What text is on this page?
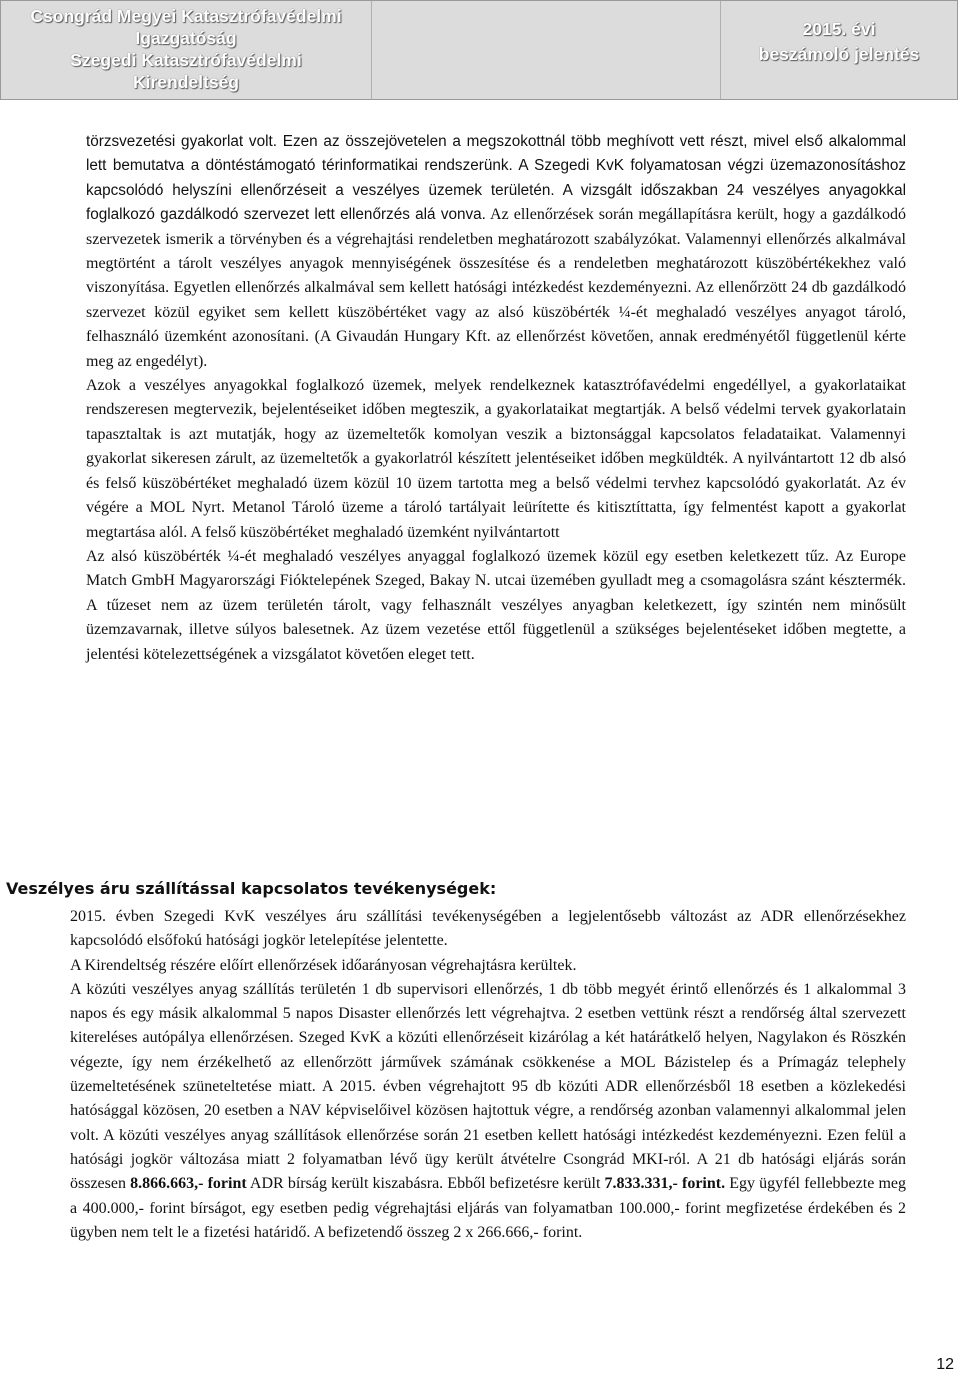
Csongrád Megyei Katasztrófavédelmi
Igazgatóság
Szegedi Katasztrófavédelmi
Kirendeltség
2015. évi
beszámoló jelentés

törzsvezetési gyakorlat volt. Ezen az összejövetelen a megszokottnál több meghívott vett részt, mivel első alkalommal lett bemutatva a döntéstámogató térinformatikai rendszerünk. A Szegedi KvK folyamatosan végzi üzemazonosításhoz kapcsolódó helyszíni ellenőrzéseit a veszélyes üzemek területén. A vizsgált időszakban 24 veszélyes anyagokkal foglalkozó gazdálkodó szervezet lett ellenőrzés alá vonva. Az ellenőrzések során megállapításra került, hogy a gazdálkodó szervezetek ismerik a törvényben és a végrehajtási rendeletben meghatározott szabályzókat. Valamennyi ellenőrzés alkalmával megtörtént a tárolt veszélyes anyagok mennyiségének összesítése és a rendeletben meghatározott küszöbértékekhez való viszonyítása. Egyetlen ellenőrzés alkalmával sem kellett hatósági intézkedést kezdeményezni. Az ellenőrzött 24 db gazdálkodó szervezet közül egyiket sem kellett küszöbértéket vagy az alsó küszöbérték ¼-ét meghaladó veszélyes anyagot tároló, felhasználó üzemként azonosítani. (A Givaudán Hungary Kft. az ellenőrzést követően, annak eredményétől függetlenül kérte meg az engedélyt).

Azok a veszélyes anyagokkal foglalkozó üzemek, melyek rendelkeznek katasztrófavédelmi engedéllyel, a gyakorlataikat rendszeresen megtervezik, bejelentéseiket időben megteszik, a gyakorlataikat megtartják. A belső védelmi tervek gyakorlatain tapasztaltak is azt mutatják, hogy az üzemeltetők komolyan veszik a biztonsággal kapcsolatos feladataikat. Valamennyi gyakorlat sikeresen zárult, az üzemeltetők a gyakorlatról készített jelentéseiket időben megküldték. A nyilvántartott 12 db alsó és felső küszöbértéket meghaladó üzem közül 10 üzem tartotta meg a belső védelmi tervhez kapcsolódó gyakorlatát. Az év végére a MOL Nyrt. Metanol Tároló üzeme a tároló tartályait leürítette és kitisztíttatta, így felmentést kapott a gyakorlat megtartása alól. A felső küszöbértéket meghaladó üzemként nyilvántartott

Az alsó küszöbérték ¼-ét meghaladó veszélyes anyaggal foglalkozó üzemek közül egy esetben keletkezett tűz. Az Europe Match GmbH Magyarországi Fióktelepének Szeged, Bakay N. utcai üzemében gyulladt meg a csomagolásra szánt késztermék. A tűzeset nem az üzem területén tárolt, vagy felhasznált veszélyes anyagban keletkezett, így szintén nem minősült üzemzavarnak, illetve súlyos balesetnek. Az üzem vezetése ettől függetlenül a szükséges bejelentéseket időben megtette, a jelentési kötelezettségének a vizsgálatot követően eleget tett.

Veszélyes áru szállítással kapcsolatos tevékenységek:

2015. évben Szegedi KvK veszélyes áru szállítási tevékenységében a legjelentősebb változást az ADR ellenőrzésekhez kapcsolódó elsőfokú hatósági jogkör letelepítése jelentette.

A Kirendeltség részére előírt ellenőrzések időarányosan végrehajtásra kerültek.

A közúti veszélyes anyag szállítás területén 1 db supervisori ellenőrzés, 1 db több megyét érintő ellenőrzés és 1 alkalommal 3 napos és egy másik alkalommal 5 napos Disaster ellenőrzés lett végrehajtva. 2 esetben vettünk részt a rendőrség által szervezett kitereléses autópálya ellenőrzésen. Szeged KvK a közúti ellenőrzéseit kizárólag a két határátkelő helyen, Nagylakon és Röszkén végezte, így nem érzékelhető az ellenőrzött járművek számának csökkenése a MOL Bázistelep és a Prímagáz telephely üzemeltetésének szüneteltetése miatt. A 2015. évben végrehajtott 95 db közúti ADR ellenőrzésből 18 esetben a közlekedési hatósággal közösen, 20 esetben a NAV képviselőivel közösen hajtottuk végre, a rendőrség azonban valamennyi alkalommal jelen volt. A közúti veszélyes anyag szállítások ellenőrzése során 21 esetben kellett hatósági intézkedést kezdeményezni. Ezen felül a hatósági jogkör változása miatt 2 folyamatban lévő ügy került átvételre Csongrád MKI-ról. A 21 db hatósági eljárás során összesen 8.866.663,- forint ADR bírság került kiszabásra. Ebből befizetésre került 7.833.331,- forint. Egy ügyfél fellebbezte meg a 400.000,- forint bírságot, egy esetben pedig végrehajtási eljárás van folyamatban 100.000,- forint megfizetése érdekében és 2 ügyben nem telt le a fizetési határidő. A befizetendő összeg 2 x 266.666,- forint.

12
